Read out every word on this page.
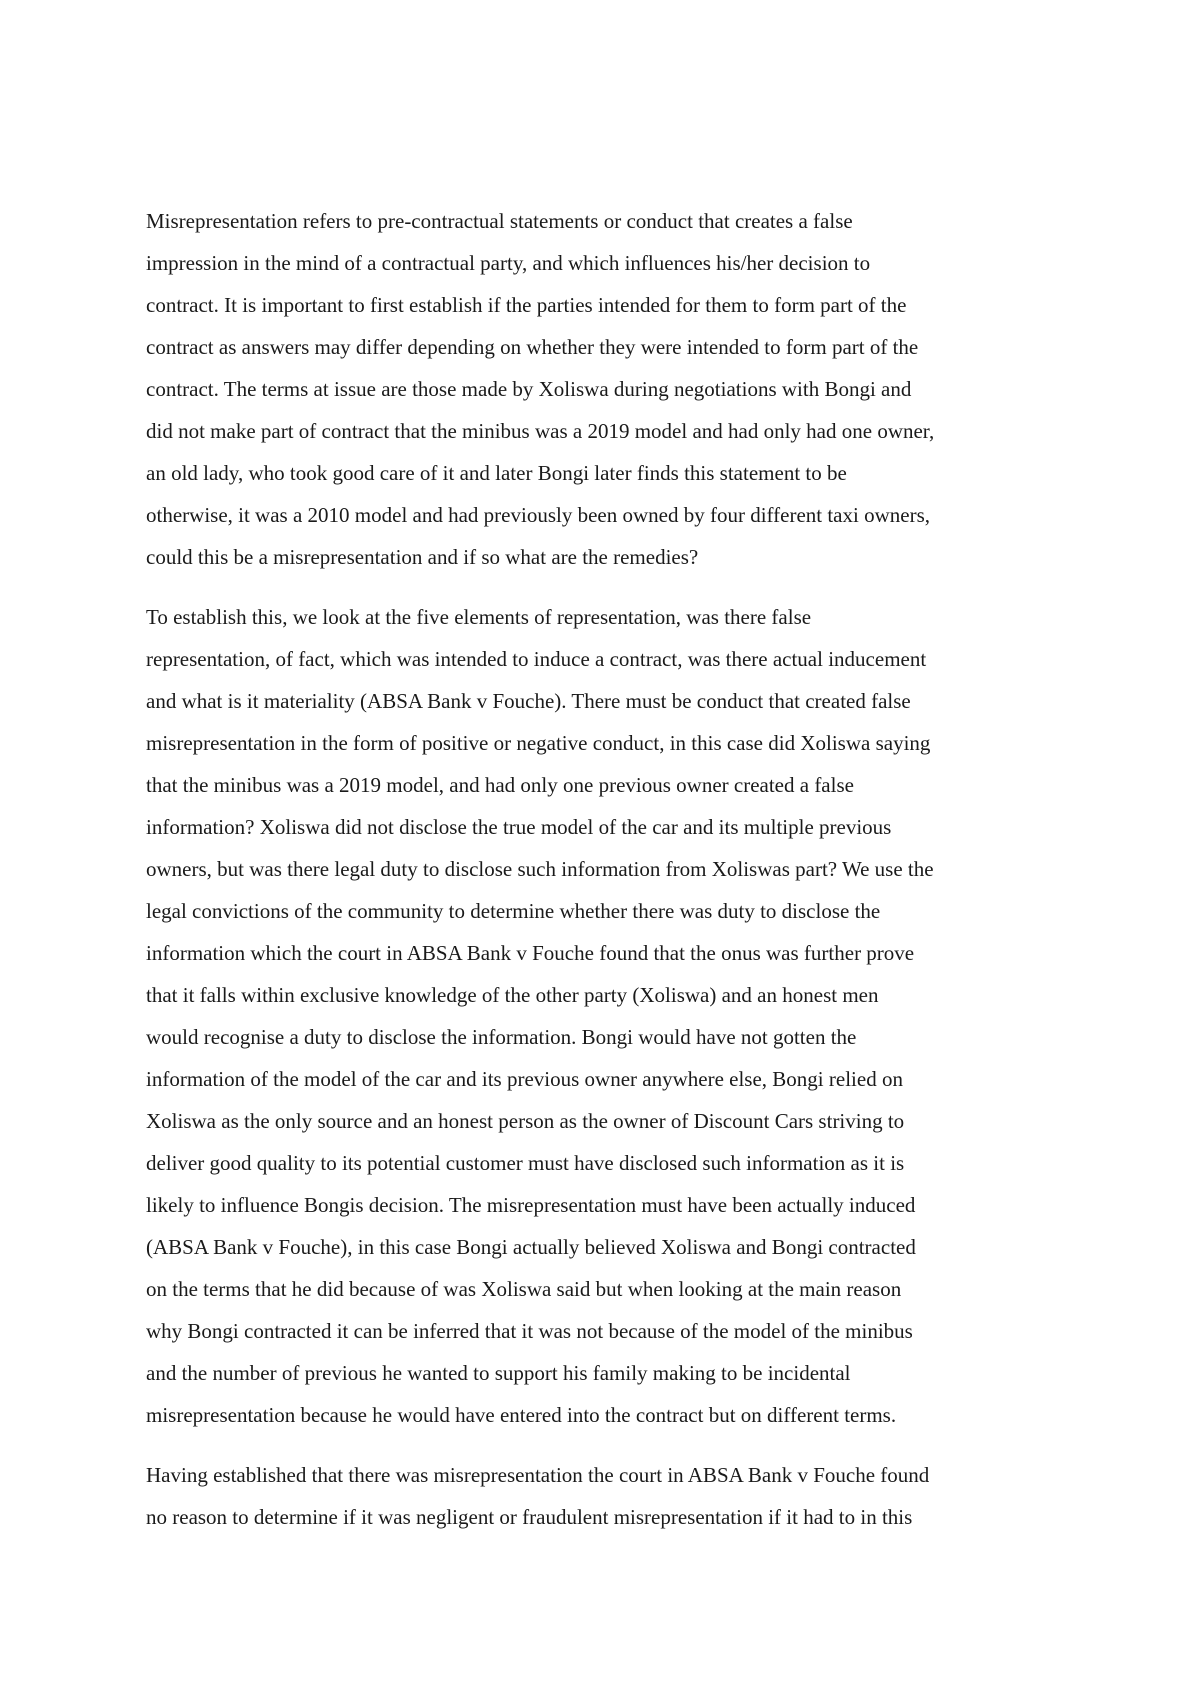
Misrepresentation refers to pre-contractual statements or conduct that creates a false
impression in the mind of a contractual party, and which influences his/her decision to
contract. It is important to first establish if the parties intended for them to form part of the
contract as answers may differ depending on whether they were intended to form part of the
contract. The terms at issue are those made by Xoliswa during negotiations with Bongi and
did not make part of contract that the minibus was a 2019 model and had only had one owner,
an old lady, who took good care of it and later Bongi later finds this statement to be
otherwise, it was a 2010 model and had previously been owned by four different taxi owners,
could this be a misrepresentation and if so what are the remedies?
To establish this, we look at the five elements of representation, was there false
representation, of fact, which was intended to induce a contract, was there actual inducement
and what is it materiality (ABSA Bank v Fouche). There must be conduct that created false
misrepresentation in the form of positive or negative conduct, in this case did Xoliswa saying
that the minibus was a 2019 model, and had only one previous owner created a false
information? Xoliswa did not disclose the true model of the car and its multiple previous
owners, but was there legal duty to disclose such information from Xoliswas part? We use the
legal convictions of the community to determine whether there was duty to disclose the
information which the court in ABSA Bank v Fouche found that the onus was further prove
that it falls within exclusive knowledge of the other party (Xoliswa) and an honest men
would recognise a duty to disclose the information. Bongi would have not gotten the
information of the model of the car and its previous owner anywhere else, Bongi relied on
Xoliswa as the only source and an honest person as the owner of Discount Cars striving to
deliver good quality to its potential customer must have disclosed such information as it is
likely to influence Bongis decision. The misrepresentation must have been actually induced
(ABSA Bank v Fouche), in this case Bongi actually believed Xoliswa and Bongi contracted
on the terms that he did because of was Xoliswa said but when looking at the main reason
why Bongi contracted it can be inferred that it was not because of the model of the minibus
and the number of previous he wanted to support his family making to be incidental
misrepresentation because he would have entered into the contract but on different terms.
Having established that there was misrepresentation the court in ABSA Bank v Fouche found
no reason to determine if it was negligent or fraudulent misrepresentation if it had to in this
